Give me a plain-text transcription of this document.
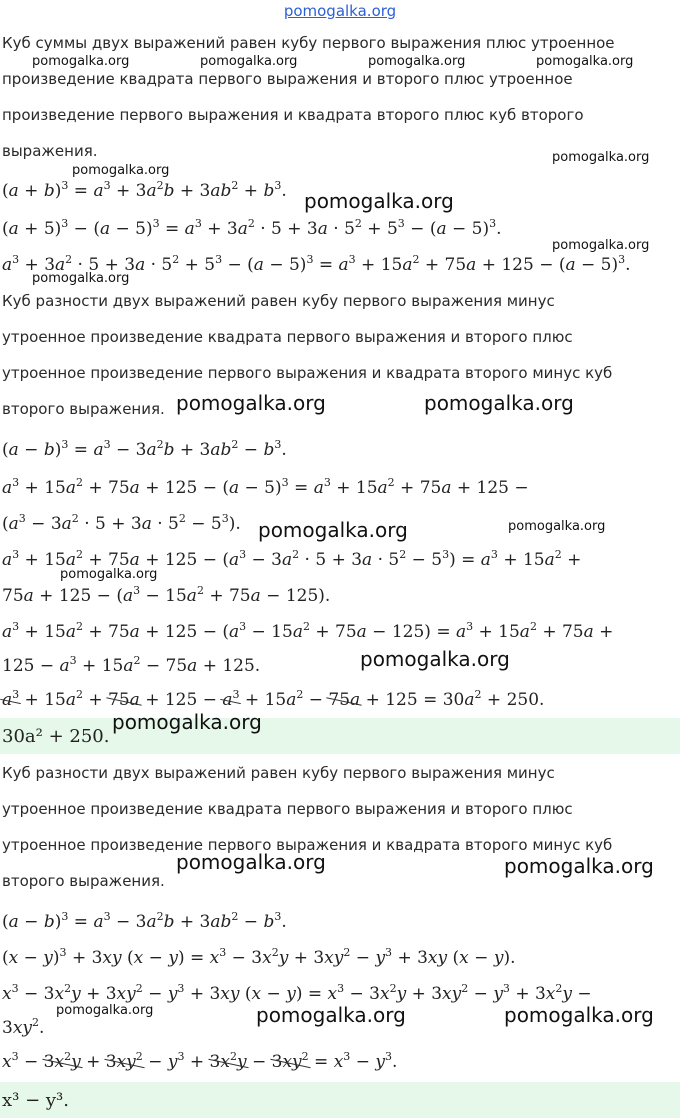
pomogalka.org
Куб суммы двух выражений равен кубу первого выражения плюс утроенное
произведение квадрата первого выражения и второго плюс утроенное
произведение первого выражения и квадрата второго плюс куб второго
выражения.
$(a + b)^3 = a^3 + 3a^2b + 3ab^2 + b^3$.
$(a + 5)^3 - (a - 5)^3 = a^3 + 3a^2 \cdot 5 + 3a \cdot 5^2 + 5^3 - (a - 5)^3$.
$a^3 + 3a^2 \cdot 5 + 3a \cdot 5^2 + 5^3 - (a - 5)^3 = a^3 + 15a^2 + 75a + 125 - (a - 5)^3$.
Куб разности двух выражений равен кубу первого выражения минус
утроенное произведение квадрата первого выражения и второго плюс
утроенное произведение первого выражения и квадрата второго минус куб
второго выражения.
$(a - b)^3 = a^3 - 3a^2b + 3ab^2 - b^3$.
$a^3 + 15a^2 + 75a + 125 - (a - 5)^3 = a^3 + 15a^2 + 75a + 125$ −
$(a^3 - 3a^2 \cdot 5 + 3a \cdot 5^2 - 5^3)$.
$a^3 + 15a^2 + 75a + 125 - (a^3 - 3a^2 \cdot 5 + 3a \cdot 5^2 - 5^3) = a^3 + 15a^2$ +
$75a + 125 - (a^3 - 15a^2 + 75a - 125)$.
$a^3 + 15a^2 + 75a + 125 - (a^3 - 15a^2 + 75a - 125) = a^3 + 15a^2 + 75a$ +
$125 - a^3 + 15a^2 - 75a + 125$.
$a^3 + 15a^2 + 75a + 125 - a^3 + 15a^2 - 75a + 125 = 30a^2 + 250$.
30a² + 250.
Куб разности двух выражений равен кубу первого выражения минус
утроенное произведение квадрата первого выражения и второго плюс
утроенное произведение первого выражения и квадрата второго минус куб
второго выражения.
$(a - b)^3 = a^3 - 3a^2b + 3ab^2 - b^3$.
$(x - y)^3 + 3xy$ $(x - y) = x^3 - 3x^2y + 3xy^2 - y^3 + 3xy$ (x − y).
$x^3 - 3x^2y + 3xy^2 - y^3 + 3xy$ $(x - y) = x^3 - 3x^2y + 3xy^2 - y^3 + 3x^2y$ −
$3xy^2$.
$x^3 - 3x^2y + 3xy^2 - y^3 + 3x^2y - 3xy^2 = x^3 - y^3$.
x³ − y³.
pomogalka.org	pomogalka.org	pomogalka.org	pomogalka.org
pomogalka.org
pomogalka.org
pomogalka.org
pomogalka.org
pomogalka.org
pomogalka.org	pomogalka.org
pomogalka.org	pomogalka.org
pomogalka.org
pomogalka.org
pomogalka.org
pomogalka.org	pomogalka.org
pomogalka.org	pomogalka.org	pomogalka.org
